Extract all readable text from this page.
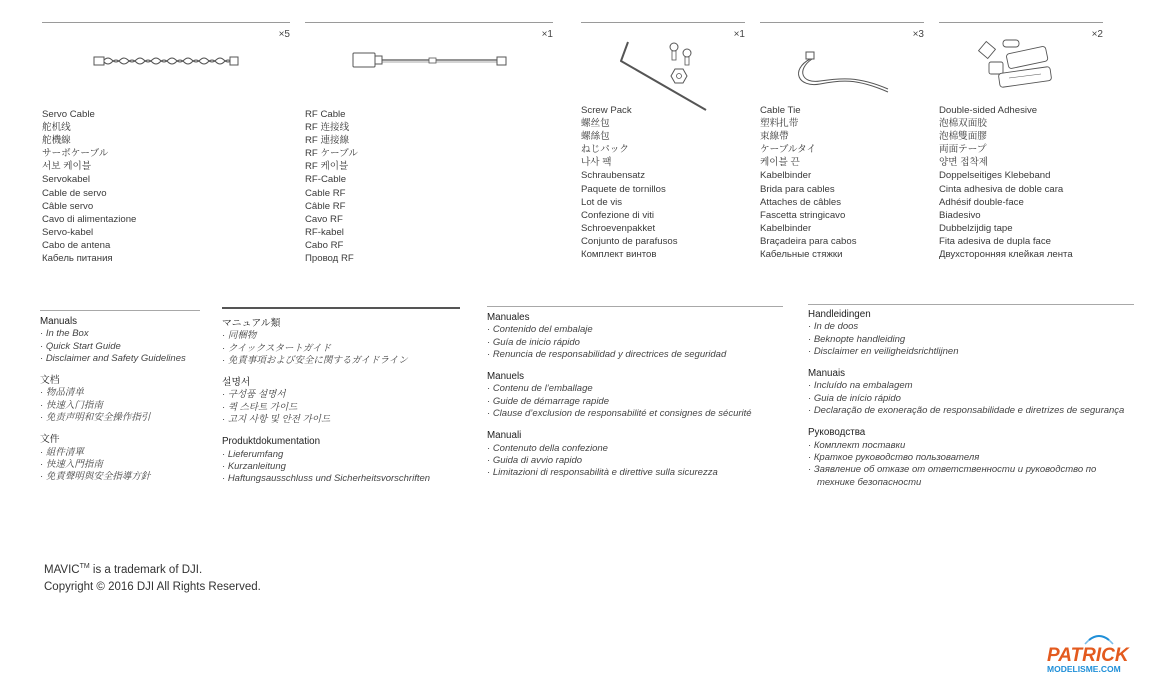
×5
Servo Cable
舵机线
舵機線
サーボケーブル
서보 케이블
Servokabel
Cable de servo
Câble servo
Cavo di alimentazione
Servo-kabel
Cabo de antena
Кабель питания
×1
RF Cable
RF 连接线
RF 連接線
RF ケーブル
RF 케이블
RF-Cable
Cable RF
Câble RF
Cavo RF
RF-kabel
Cabo RF
Провод RF
×1
Screw Pack
螺丝包
螺絲包
ねじパック
나사 팩
Schraubensatz
Paquete de tornillos
Lot de vis
Confezione di viti
Schroevenpakket
Conjunto de parafusos
Комплект винтов
×3
Cable Tie
塑料扎带
束線帶
ケーブルタイ
케이블 끈
Kabelbinder
Brida para cables
Attaches de câbles
Fascetta stringicavo
Kabelbinder
Braçadeira para cabos
Кабельные стяжки
×2
Double-sided Adhesive
泡棉双面胶
泡棉雙面膠
両面テープ
양면 접착제
Doppelseitiges Klebeband
Cinta adhesiva de doble cara
Adhésif double-face
Biadesivo
Dubbelzijdig tape
Fita adesiva de dupla face
Двухсторонняя клейкая лента
Manuals
· In the Box
· Quick Start Guide
· Disclaimer and Safety Guidelines
文档
· 物品清单
· 快速入门指南
· 免责声明和安全操作指引
文件
· 組件清單
· 快速入門指南
· 免責聲明與安全指導方針
マニュアル類
· 同梱物
· クイックスタートガイド
· 免責事項および安全に関するガイドライン
설명서
· 구성품 설명서
· 퀵 스타트 가이드
· 고지 사항 및 안전 가이드
Produktdokumentation
· Lieferumfang
· Kurzanleitung
· Haftungsausschluss und Sicherheitsvorschriften
Manuales
· Contenido del embalaje
· Guía de inicio rápido
· Renuncia de responsabilidad y directrices de seguridad
Manuels
· Contenu de l’emballage
· Guide de démarrage rapide
· Clause d’exclusion de responsabilité et consignes de sécurité
Manuali
· Contenuto della confezione
· Guida di avvio rapido
· Limitazioni di responsabilità e direttive sulla sicurezza
Handleidingen
· In de doos
· Beknopte handleiding
· Disclaimer en veiligheidsrichtlijnen
Manuais
· Incluído na embalagem
· Guia de início rápido
· Declaração de exoneração de responsabilidade e diretrizes de segurança
Руководства
· Комплект поставки
· Краткое руководство пользователя
· Заявление об отказе от ответственности и руководство по технике безопасности
MAVIC™ is a trademark of DJI.
Copyright © 2016 DJI All Rights Reserved.
PATRICK
MODELISME.COM
